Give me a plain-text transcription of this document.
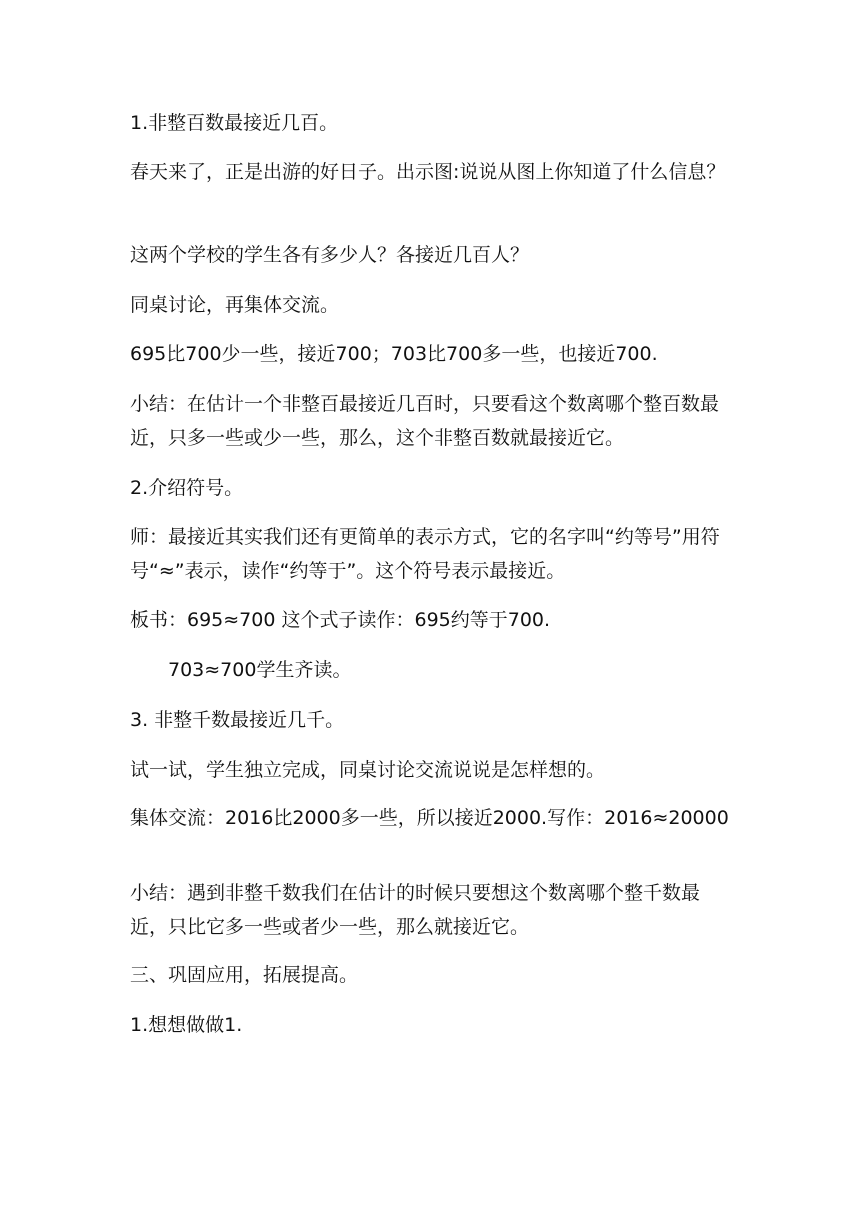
1.非整百数最接近几百。
春天来了，正是出游的好日子。出示图:说说从图上你知道了什么信息？
这两个学校的学生各有多少人？各接近几百人？
同桌讨论，再集体交流。
695比700少一些，接近700；703比700多一些，也接近700.
小结：在估计一个非整百最接近几百时，只要看这个数离哪个整百数最近，只多一些或少一些，那么，这个非整百数就最接近它。
2.介绍符号。
师：最接近其实我们还有更简单的表示方式，它的名字叫“约等号”用符号“≈”表示，读作“约等于”。这个符号表示最接近。
板书：695≈700 这个式子读作：695约等于700.
703≈700学生齐读。
3. 非整千数最接近几千。
试一试，学生独立完成，同桌讨论交流说说是怎样想的。
集体交流：2016比2000多一些，所以接近2000.写作：2016≈20000
小结：遇到非整千数我们在估计的时候只要想这个数离哪个整千数最近，只比它多一些或者少一些，那么就接近它。
三、巩固应用，拓展提高。
1.想想做做1.
